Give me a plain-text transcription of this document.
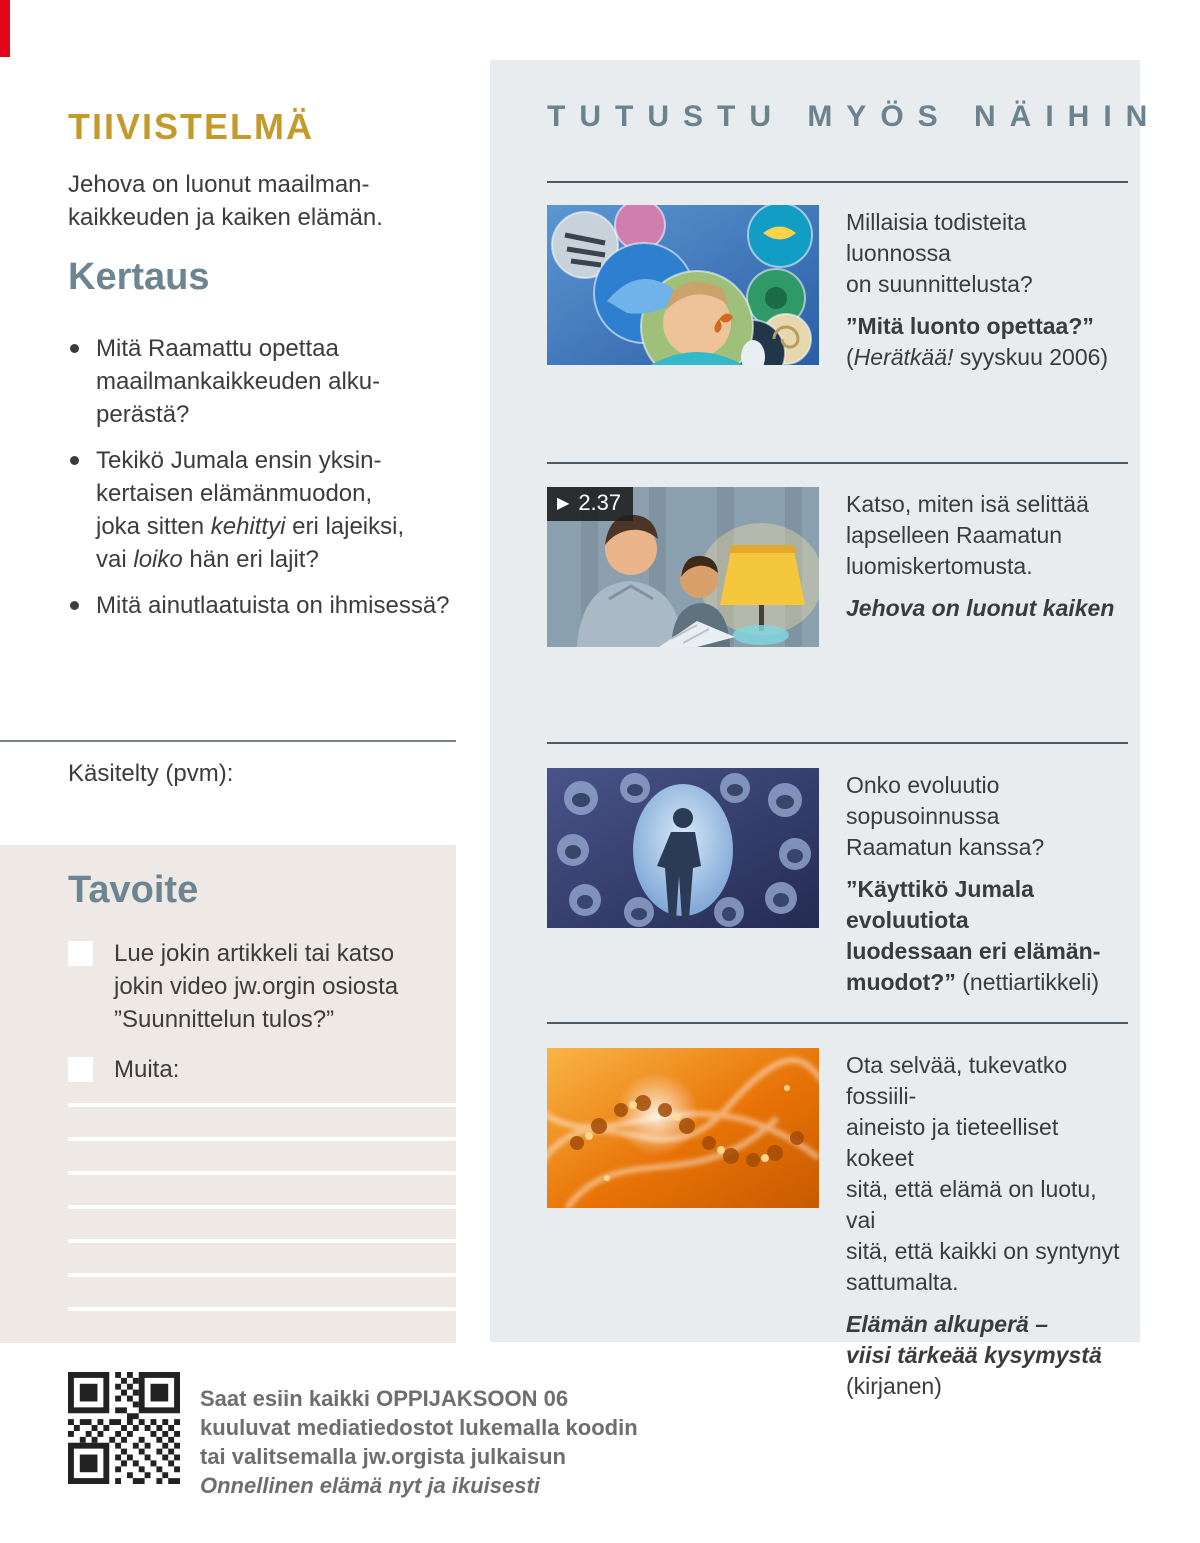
TIIVISTELMÄ
Jehova on luonut maailman-
kaikkeuden ja kaiken elämän.
Kertaus
Mitä Raamattu opettaa
maailmankaikkeuden alku-
perästä?
Tekikö Jumala ensin yksin-
kertaisen elämänmuodon,
joka sitten kehittyi eri lajeiksi,
vai loiko hän eri lajit?
Mitä ainutlaatuista on ihmisessä?
Käsitelty (pvm):
Tavoite
Lue jokin artikkeli tai katso
jokin video jw.orgin osiosta
”Suunnittelun tulos?”
Muita:
TUTUSTU MYÖS NÄIHIN
Millaisia todisteita luonnossa
on suunnittelusta?
”Mitä luonto opettaa?”
(Herätkää! syyskuu 2006)
▶ 2.37	Katso, miten isä selittää
lapselleen Raamatun
luomiskertomusta.
Jehova on luonut kaiken
Onko evoluutio sopusoinnussa
Raamatun kanssa?
”Käyttikö Jumala evoluutiota
luodessaan eri elämän-
muodot?” (nettiartikkeli)
Ota selvää, tukevatko fossiili-
aineisto ja tieteelliset kokeet
sitä, että elämä on luotu, vai
sitä, että kaikki on syntynyt
sattumalta.
Elämän alkuperä –
viisi tärkeää kysymystä
(kirjanen)
Saat esiin kaikki OPPIJAKSOON 06
kuuluvat mediatiedostot lukemalla koodin
tai valitsemalla jw.orgista julkaisun
Onnellinen elämä nyt ja ikuisesti
